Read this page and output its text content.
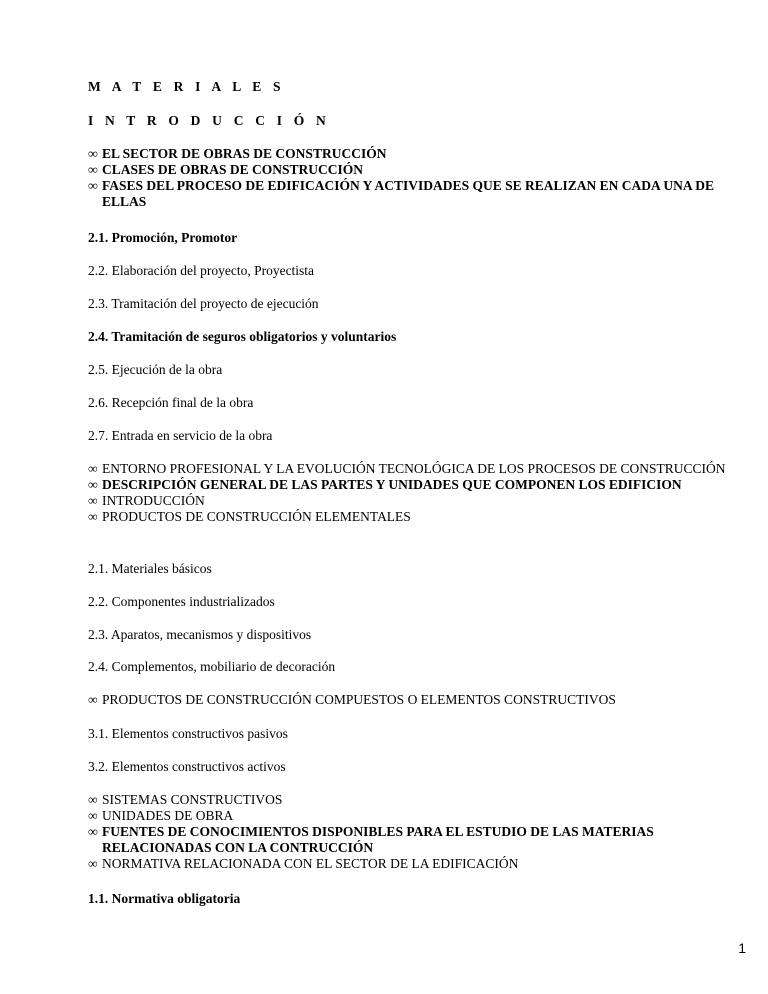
M A T E R I A L E S
I N T R O D U C C I Ó N
∞ EL SECTOR DE OBRAS DE CONSTRUCCIÓN
∞ CLASES DE OBRAS DE CONSTRUCCIÓN
∞ FASES DEL PROCESO DE EDIFICACIÓN Y ACTIVIDADES QUE SE REALIZAN EN CADA UNA DE ELLAS
2.1. Promoción, Promotor
2.2. Elaboración del proyecto, Proyectista
2.3. Tramitación del proyecto de ejecución
2.4. Tramitación de seguros obligatorios y voluntarios
2.5. Ejecución de la obra
2.6. Recepción final de la obra
2.7. Entrada en servicio de la obra
∞ ENTORNO PROFESIONAL Y LA EVOLUCIÓN TECNOLÓGICA DE LOS PROCESOS DE CONSTRUCCIÓN
∞ DESCRIPCIÓN GENERAL DE LAS PARTES Y UNIDADES QUE COMPONEN LOS EDIFICION
∞ INTRODUCCIÓN
∞ PRODUCTOS DE CONSTRUCCIÓN ELEMENTALES
2.1. Materiales básicos
2.2. Componentes industrializados
2.3. Aparatos, mecanismos y dispositivos
2.4. Complementos, mobiliario de decoración
∞ PRODUCTOS DE CONSTRUCCIÓN COMPUESTOS O ELEMENTOS CONSTRUCTIVOS
3.1. Elementos constructivos pasivos
3.2. Elementos constructivos activos
∞ SISTEMAS CONSTRUCTIVOS
∞ UNIDADES DE OBRA
∞ FUENTES DE CONOCIMIENTOS DISPONIBLES PARA EL ESTUDIO DE LAS MATERIAS RELACIONADAS CON LA CONTRUCCIÓN
∞ NORMATIVA RELACIONADA CON EL SECTOR DE LA EDIFICACIÓN
1.1. Normativa obligatoria
1
